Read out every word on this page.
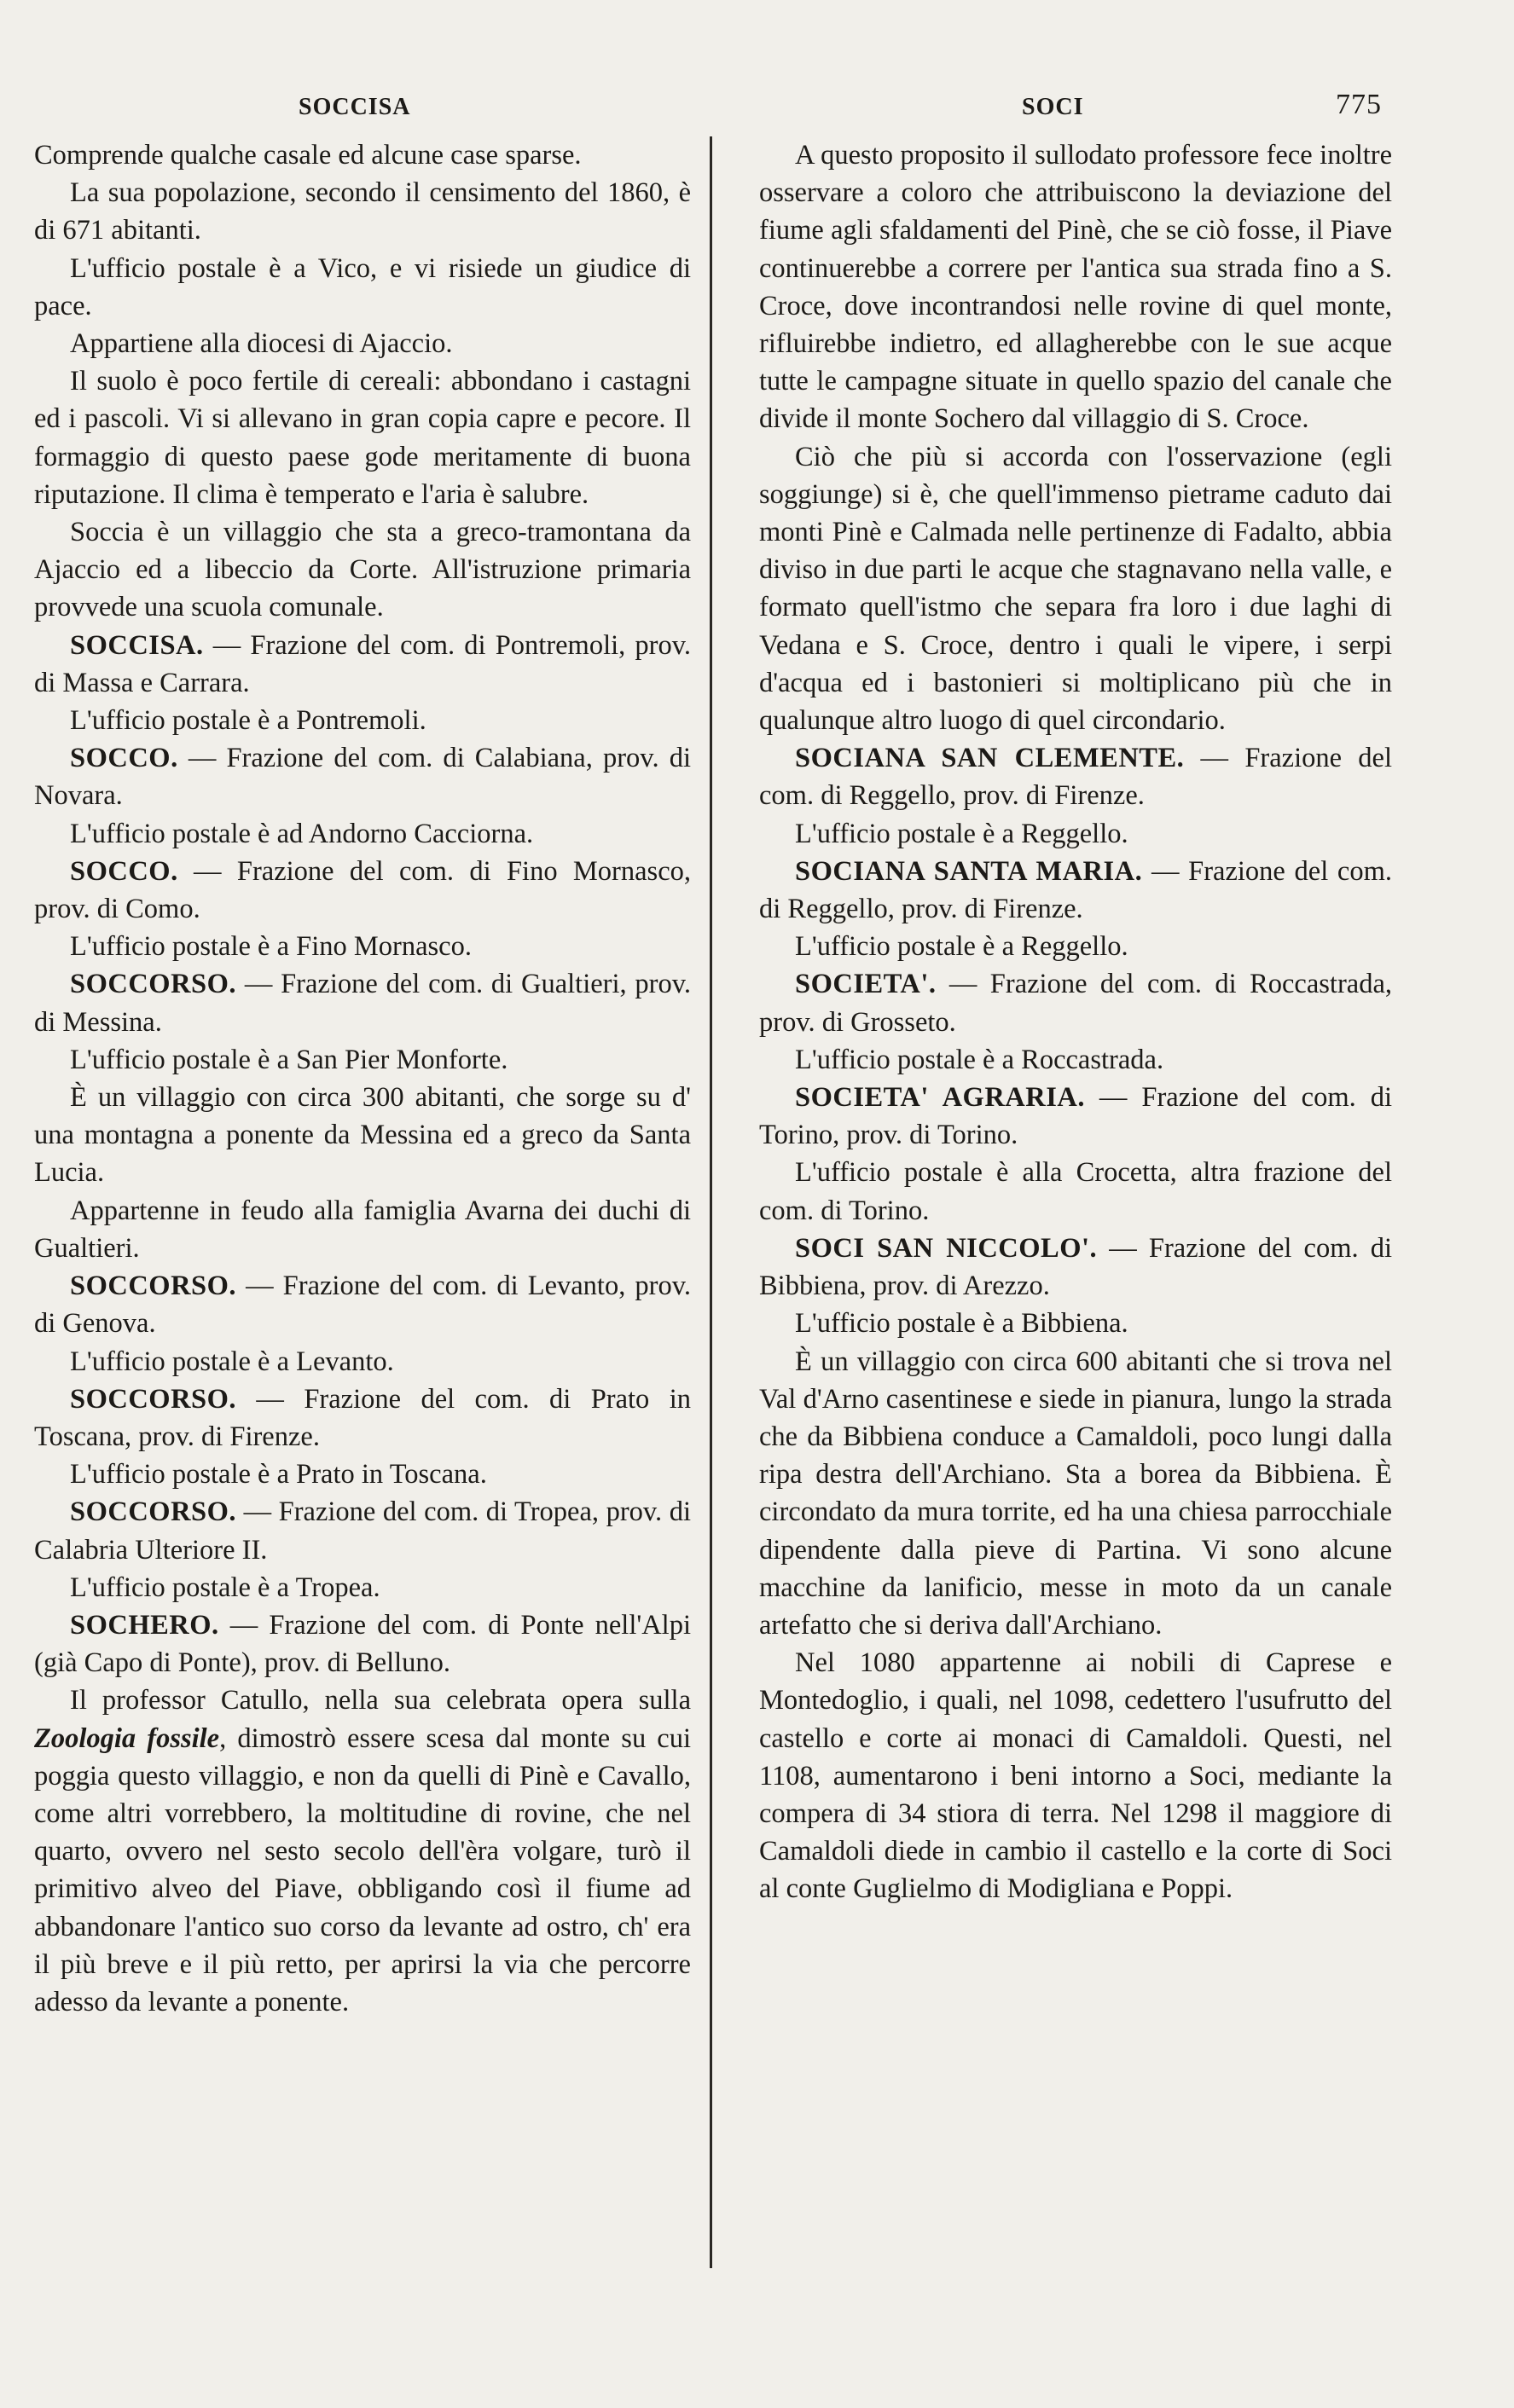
SOCCISA	SOCI	775

Comprende qualche casale ed alcune case sparse.

La sua popolazione, secondo il censimento del 1860, è di 671 abitanti.

L'ufficio postale è a Vico, e vi risiede un giudice di pace.

Appartiene alla diocesi di Ajaccio.

Il suolo è poco fertile di cereali: abbondano i castagni ed i pascoli. Vi si allevano in gran copia capre e pecore. Il formaggio di questo paese gode meritamente di buona riputazione. Il clima è temperato e l'aria è salubre.

Soccia è un villaggio che sta a greco-tramontana da Ajaccio ed a libeccio da Corte. All'istruzione primaria provvede una scuola comunale.

SOCCISA. — Frazione del com. di Pontremoli, prov. di Massa e Carrara.

L'ufficio postale è a Pontremoli.

SOCCO. — Frazione del com. di Calabiana, prov. di Novara.

L'ufficio postale è ad Andorno Cacciorna.

SOCCO. — Frazione del com. di Fino Mornasco, prov. di Como.

L'ufficio postale è a Fino Mornasco.

SOCCORSO. — Frazione del com. di Gualtieri, prov. di Messina.

L'ufficio postale è a San Pier Monforte.

È un villaggio con circa 300 abitanti, che sorge su d' una montagna a ponente da Messina ed a greco da Santa Lucia.

Appartenne in feudo alla famiglia Avarna dei duchi di Gualtieri.

SOCCORSO. — Frazione del com. di Levanto, prov. di Genova.

L'ufficio postale è a Levanto.

SOCCORSO. — Frazione del com. di Prato in Toscana, prov. di Firenze.

L'ufficio postale è a Prato in Toscana.

SOCCORSO. — Frazione del com. di Tropea, prov. di Calabria Ulteriore II.

L'ufficio postale è a Tropea.

SOCHERO. — Frazione del com. di Ponte nell'Alpi (già Capo di Ponte), prov. di Belluno.

Il professor Catullo, nella sua celebrata opera sulla Zoologia fossile, dimostrò essere scesa dal monte su cui poggia questo villaggio, e non da quelli di Pinè e Cavallo, come altri vorrebbero, la moltitudine di rovine, che nel quarto, ovvero nel sesto secolo dell'èra volgare, turò il primitivo alveo del Piave, obbligando così il fiume ad abbandonare l'antico suo corso da levante ad ostro, ch' era il più breve e il più retto, per aprirsi la via che percorre adesso da levante a ponente.

A questo proposito il sullodato professore fece inoltre osservare a coloro che attribuiscono la deviazione del fiume agli sfaldamenti del Pinè, che se ciò fosse, il Piave continuerebbe a correre per l'antica sua strada fino a S. Croce, dove incontrandosi nelle rovine di quel monte, rifluirebbe indietro, ed allagherebbe con le sue acque tutte le campagne situate in quello spazio del canale che divide il monte Sochero dal villaggio di S. Croce.

Ciò che più si accorda con l'osservazione (egli soggiunge) si è, che quell'immenso pietrame caduto dai monti Pinè e Calmada nelle pertinenze di Fadalto, abbia diviso in due parti le acque che stagnavano nella valle, e formato quell'istmo che separa fra loro i due laghi di Vedana e S. Croce, dentro i quali le vipere, i serpi d'acqua ed i bastonieri si moltiplicano più che in qualunque altro luogo di quel circondario.

SOCIANA SAN CLEMENTE. — Frazione del com. di Reggello, prov. di Firenze.

L'ufficio postale è a Reggello.

SOCIANA SANTA MARIA. — Frazione del com. di Reggello, prov. di Firenze.

L'ufficio postale è a Reggello.

SOCIETA'. — Frazione del com. di Roccastrada, prov. di Grosseto.

L'ufficio postale è a Roccastrada.

SOCIETA' AGRARIA. — Frazione del com. di Torino, prov. di Torino.

L'ufficio postale è alla Crocetta, altra frazione del com. di Torino.

SOCI SAN NICCOLO'. — Frazione del com. di Bibbiena, prov. di Arezzo.

L'ufficio postale è a Bibbiena.

È un villaggio con circa 600 abitanti che si trova nel Val d'Arno casentinese e siede in pianura, lungo la strada che da Bibbiena conduce a Camaldoli, poco lungi dalla ripa destra dell'Archiano. Sta a borea da Bibbiena. È circondato da mura torrite, ed ha una chiesa parrocchiale dipendente dalla pieve di Partina. Vi sono alcune macchine da lanificio, messe in moto da un canale artefatto che si deriva dall'Archiano.

Nel 1080 appartenne ai nobili di Caprese e Montedoglio, i quali, nel 1098, cedettero l'usufrutto del castello e corte ai monaci di Camaldoli. Questi, nel 1108, aumentarono i beni intorno a Soci, mediante la compera di 34 stiora di terra. Nel 1298 il maggiore di Camaldoli diede in cambio il castello e la corte di Soci al conte Guglielmo di Modigliana e Poppi.
